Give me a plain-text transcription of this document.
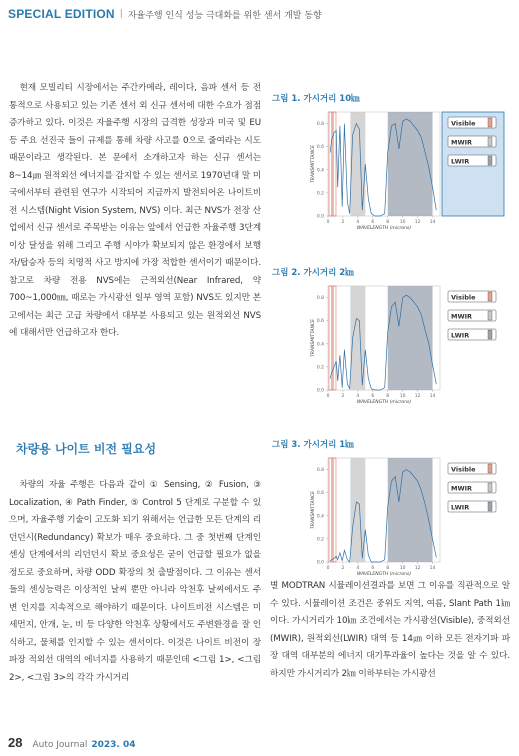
SPECIAL EDITION | 자율주행 인식 성능 극대화를 위한 센서 개발 동향

현재 모빌리티 시장에서는 주간카메라, 레이다, 음파 센서 등 전통적으로 사용되고 있는 기존 센서 외 신규 센서에 대한 수요가 점점 증가하고 있다. 이것은 자율주행 시장의 급격한 성장과 미국 및 EU 등 주요 선진국 들이 규제를 통해 차량 사고를 0으로 줄여라는 시도 때문이라고 생각된다. 본 문에서 소개하고자 하는 신규 센서는 8~14㎛ 원적외선 에너지를 감지할 수 있는 센서로 1970년대 말 미국에서부터 관련된 연구가 시작되어 지금까지 발전되어온 나이트비전 시스템(Night Vision System, NVS) 이다. 최근 NVS가 전장 산업에서 신규 센서로 주목받는 이유는 앞에서 언급한 자율주행 3단계 이상 달성을 위해 그리고 주행 시야가 확보되지 않은 환경에서 보행자/탑승자 등의 치명적 사고 방지에 가장 적합한 센서이기 때문이다. 참고로 차량 전용 NVS에는 근적외선(Near Infrared, 약 700~1,000㎚, 때로는 가시광선 일부 영역 포함) NVS도 있지만 본 고에서는 최근 고급 차량에서 대부분 사용되고 있는 원적외선 NVS에 대해서만 언급하고자 한다.

차량용 나이트 비전 필요성

차량의 자율 주행은 다음과 같이 ① Sensing, ② Fusion, ③ Localization, ④ Path Finder, ⑤ Control 5 단계로 구분할 수 있으며, 자율주행 기술이 고도화 되기 위해서는 언급한 모든 단계의 리던던시(Redundancy) 확보가 매우 중요하다. 그 중 첫번째 단계인 센싱 단계에서의 리던던시 확보 중요성은 굳이 언급할 필요가 없을 정도로 중요하며, 차량 ODD 확장의 첫 출발점이다. 그 이유는 센서들의 센싱능력은 이상적인 날씨 뿐만 아니라 악천후 날씨에서도 주변 인지를 지속적으로 해야하기 때문이다. 나이트비전 시스템은 미세먼지, 안개, 눈, 비 등 다양한 악천후 상황에서도 주변환경을 잘 인식하고, 물체를 인지할 수 있는 센서이다. 이것은 나이트 비전이 장파장 적외선 대역의 에너지를 사용하기 때문인데 <그림 1>, <그림 2>, <그림 3>의 각각 가시거리

그림 1. 가시거리 10㎞
0.8
0.6
0.4
0.2
0.0
0	2	4	6	8 10 12 14
WAVELENGTH (microns)
TRANSMITTANCE
Visible
MWIR
LWIR
그림 2. 가시거리 2㎞
0.8
0.6
0.4
0.2
0.0
0	2	4	6	8 10 12 14
WAVELENGTH (microns)
TRANSMITTANCE
Visible
MWIR
LWIR
그림 3. 가시거리 1㎞
0.8
0.6
0.4
0.2
0.0
0	2	4	6	8 10 12 14
WAVELENGTH (microns)
TRANSMITTANCE
Visible
MWIR
LWIR

별 MODTRAN 시뮬레이션결과를 보면 그 이유를 직관적으로 알 수 있다. 시뮬레이션 조건은 중위도 지역, 여름, Slant Path 1㎞이다. 가시거리가 10㎞ 조건에서는 가시광선(Visible), 중적외선(MWIR), 원적외선(LWIR) 대역 등 14㎛ 이하 모든 전자기파 파장 대역 대부분의 에너지 대기투과율이 높다는 것을 알 수 있다. 하지만 가시거리가 2㎞ 이하부터는 가시광선

28 Auto Journal 2023. 04
